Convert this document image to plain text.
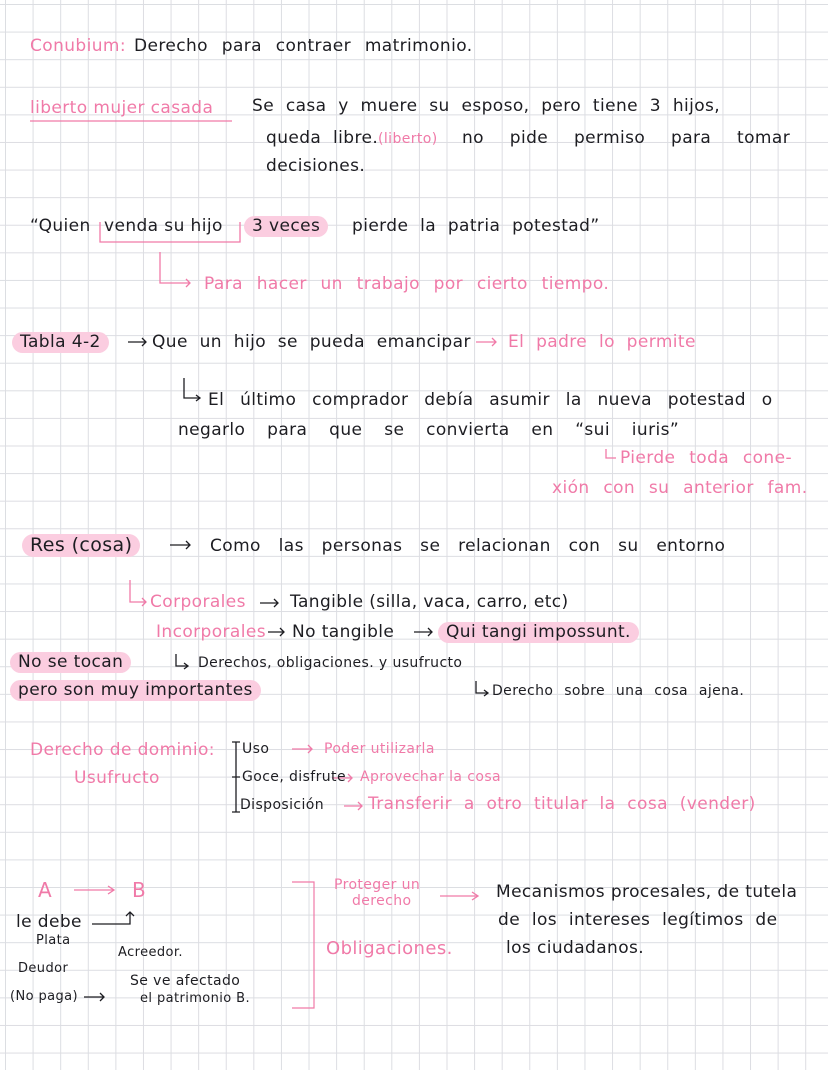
Conubium: Derecho para contraer matrimonio.
liberto mujer casada Se casa y muere su esposo, pero tiene 3 hijos,
queda libre. (liberto) no pide permiso para tomar
decisiones.
“Quien venda su hijo	3 veces	pierde la patria potestad”
Para hacer un trabajo por cierto tiempo.
Tabla 4-2	Que un hijo se pueda emancipar El padre lo permite
El último comprador debía asumir la nueva potestad o
negarlo para que se convierta en “sui iuris”
Pierde toda cone-
xión con su anterior fam.
Res (cosa)	Como las personas se relacionan con su entorno
Corporales	Tangible (silla, vaca, carro, etc)
Incorporales No tangible	Qui tangi impossunt.
No se tocan
pero son muy importantes
Derechos, obligaciones. y usufructo
Derecho sobre una cosa ajena.
Derecho de dominio:
Usufructo
Uso	Poder utilizarla
Goce, disfrute Aprovechar la cosa
Disposición	Transferir a otro titular la cosa (vender)
A	B
le debe
Plata
Acreedor.
Deudor
(No paga)
Se ve afectado
el patrimonio B.
Proteger un
derecho
Obligaciones.
Mecanismos procesales, de tutela
de los intereses legítimos de
los ciudadanos.
